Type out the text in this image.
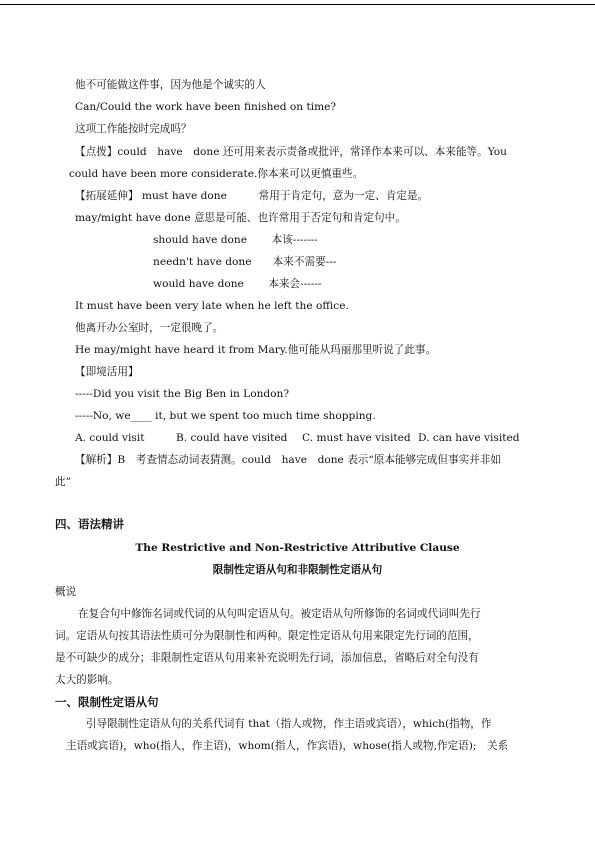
他不可能做这件事，因为他是个诚实的人
Can/Could the work have been finished on time?
这项工作能按时完成吗？
【点拨】could　have　done 还可用来表示责备或批评，常译作本来可以、本来能等。You
could have been more considerate.你本来可以更慎重些。
【拓展延伸】 must have done　　　常用于肯定句，意为一定、肯定是。
may/might have done 意思是可能、也许常用于否定句和肯定句中。
should have done　　 本该-------
needn't have done　　本来不需要---
would have done　　 本来会------
It must have been very late when he left the office.
他离开办公室时，一定很晚了。
He may/might have heard it from Mary.他可能从玛丽那里听说了此事。
【即境活用】
-----Did you visit the Big Ben in London?
-----No, we____ it, but we spent too much time shopping.
A. could visit	B. could have visited C. must have visited D. can have visited
【解析】B　考查情态动词表猜测。could　have　done 表示“原本能够完成但事实并非如
此”
四、语法精讲
The Restrictive and Non-Restrictive Attributive Clause
限制性定语从句和非限制性定语从句
概说
在复合句中修饰名词或代词的从句叫定语从句。被定语从句所修饰的名词或代词叫先行
词。定语从句按其语法性质可分为限制性和两种。限定性定语从句用来限定先行词的范围，
是不可缺少的成分；非限制性定语从句用来补充说明先行词，添加信息，省略后对全句没有
太大的影响。
一、限制性定语从句
引导限制性定语从句的关系代词有 that（指人或物，作主语或宾语），which(指物，作
主语或宾语)，who(指人，作主语)，whom(指人，作宾语)，whose(指人或物,作定语);　关系
